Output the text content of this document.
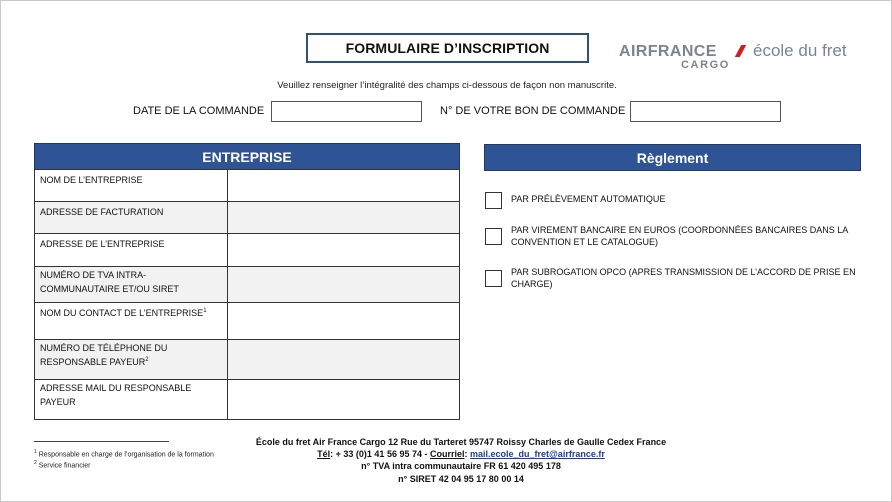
FORMULAIRE D’INSCRIPTION	AIRFRANCE école du fret
CARGO
Veuillez renseigner l’intégralité des champs ci-dessous de façon non manuscrite.
DATE DE LA COMMANDE	N° DE VOTRE BON DE COMMANDE
ENTREPRISE
NOM DE L’ENTREPRISE	
ADRESSE DE FACTURATION	
ADRESSE DE L’ENTREPRISE	
NUMÉRO DE TVA INTRA-COMMUNAUTAIRE ET/OU SIRET	
NOM DU CONTACT DE L’ENTREPRISE$^1$	
NUMÉRO DE TÉLÉPHONE DU RESPONSABLE PAYEUR$^2$	
ADRESSE MAIL DU RESPONSABLE PAYEUR	
Règlement
PAR PRÉLÈVEMENT AUTOMATIQUE
PAR VIREMENT BANCAIRE EN EUROS (COORDONNÉES BANCAIRES DANS LA CONVENTION ET LE CATALOGUE)
PAR SUBROGATION OPCO (APRES TRANSMISSION DE L’ACCORD DE PRISE EN CHARGE)
$^1$ Responsable en charge de l’organisation de la formation
$^2$ Service financier
École du fret Air France Cargo 12 Rue du Tarteret 95747 Roissy Charles de Gaulle Cedex France
Tél: + 33 (0)1 41 56 95 74 - Courriel: mail.ecole_du_fret@airfrance.fr
n° TVA intra communautaire FR 61 420 495 178
n° SIRET 42 04 95 17 80 00 14
